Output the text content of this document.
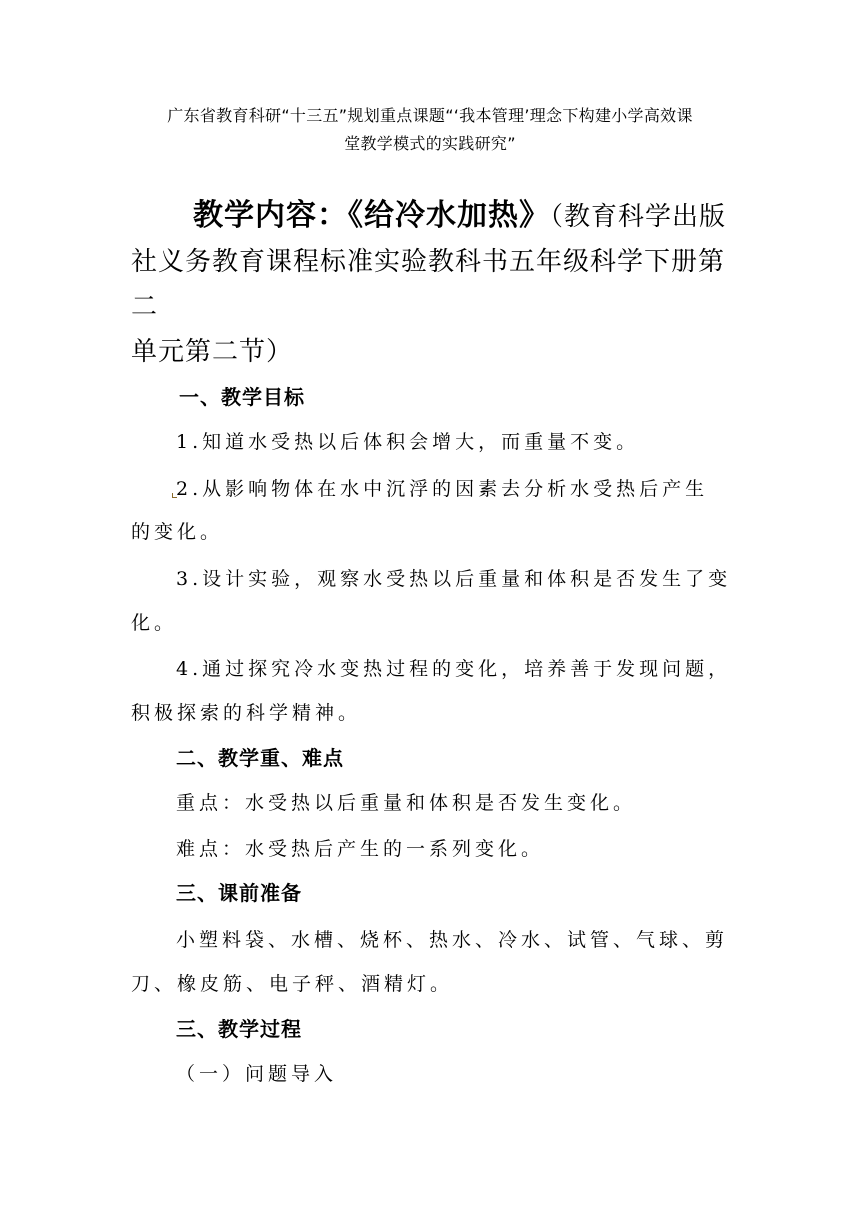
广东省教育科研“十三五”规划重点课题“‘我本管理’理念下构建小学高效课
堂教学模式的实践研究”
教学内容：《给冷水加热》（教育科学出版
社义务教育课程标准实验教科书五年级科学下册第二
单元第二节）
一、教学目标
1.知道水受热以后体积会增大，而重量不变。
2.从影响物体在水中沉浮的因素去分析水受热后产生
的变化。
3.设计实验，观察水受热以后重量和体积是否发生了变
化。
4.通过探究冷水变热过程的变化，培养善于发现问题，
积极探索的科学精神。
二、教学重、难点
重点：水受热以后重量和体积是否发生变化。
难点：水受热后产生的一系列变化。
三、课前准备
小塑料袋、水槽、烧杯、热水、冷水、试管、气球、剪
刀、橡皮筋、电子秤、酒精灯。
三、教学过程
（一）问题导入
